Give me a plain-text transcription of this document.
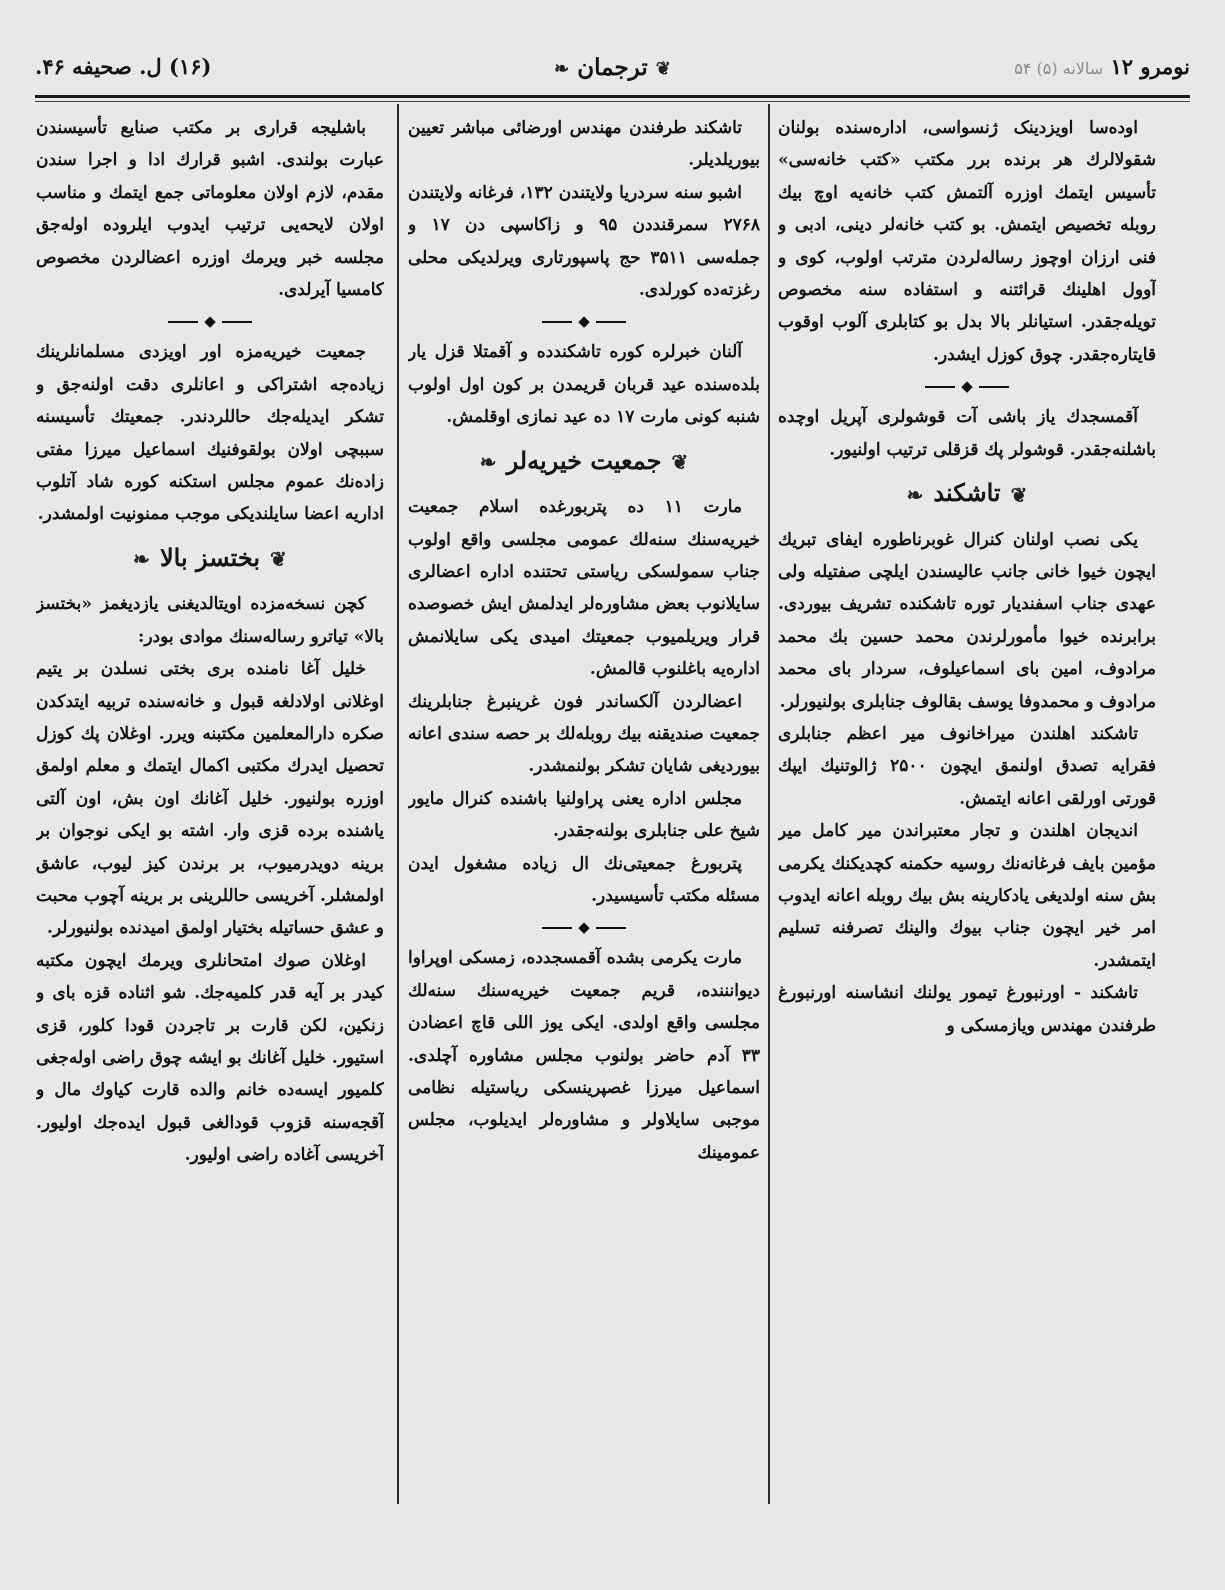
نومرو ۱۲ سالانه (۵) ۵۴
❦ ترجمان ❧
(۱۶) ل. صحیفه ۴۶.

اوده‌سا اویزدینک ژنسواسی، اداره‌سنده بولنان شقولالرك هر برنده برر مکتب «کتب خانه‌سی» تأسیس ایتمك اوزره آلتمش کتب خانه‌یه اوچ بیك روبله تخصیص ایتمش. بو کتب خانه‌لر دینی، ادبی و فنی ارزان اوچوز رساله‌لردن مترتب اولوب، کوی و آوول اهلینك قرائتنه و استفاده سنه مخصوص تویله‌جقدر. استیانلر بالا بدل بو کتابلری آلوب اوقوب قایتاره‌جقدر. چوق کوزل ایشدر.

◆

آقمسجدك یاز باشی آت قوشولری آپریل اوچده باشلنه‌جقدر. قوشولر پك قزقلی ترتیب اولنیور.

❦تاشکند❧

یکی نصب اولنان کنرال غوبرناطوره ایفای تبریك ایچون خیوا خانی جانب عالیسندن ایلچی صفتیله ولی عهدی جناب اسفندیار توره تاشکنده تشریف بیوردی. برابرنده خیوا مأمورلرندن محمد حسین بك محمد مرادوف، امین بای اسماعیلوف، سردار بای محمد مرادوف و محمدوفا یوسف بقالوف جنابلری بولنیورلر.

تاشکند اهلندن میراخانوف میر اعظم جنابلری فقرایه تصدق اولنمق ایچون ۲۵۰۰ ژالوتنیك ایپك قورتی اورلقی اعانه ایتمش.

اندیجان اهلندن و تجار معتبراندن میر کامل میر مؤمین بایف فرغانه‌نك روسیه حکمنه کچدیکنك یکرمی بش سنه اولدیغی یادکارینه بش بیك روبله اعانه ایدوب امر خیر ایچون جناب بیوك والینك تصرفنه تسلیم ایتمشدر.

تاشکند - اورنبورغ تیمور یولنك انشاسنه اورنبورغ طرفندن مهندس ویازمسکی و

تاشکند طرفندن مهندس اورضائی مباشر تعیین بیوریلدیلر.

اشبو سنه سردریا ولایتندن ۱۳۲، فرغانه ولایتندن ۲۷۶۸ سمرقنددن ۹۵ و زاکاسپی دن ۱۷ و جمله‌سی ۳۵۱۱ حج پاسپورتاری ویرلدیکی محلی رغزته‌ده کورلدی.

◆

آلنان خبرلره کوره تاشکندده و آقمتلا قزل یار بلده‌سنده عید قربان قریمدن بر کون اول اولوب شنبه کونی مارت ۱۷ ده عید نمازی اوقلمش.

❦جمعیت خیریه‌لر❧

مارت ۱۱ ده پتربورغده اسلام جمعیت خیریه‌سنك سنه‌لك عمومی مجلسی واقع اولوب جناب سمولسکی ریاستی تحتنده اداره اعضالری سایلانوب بعض مشاوره‌لر ایدلمش ایش خصوصده قرار ویریلمیوب جمعیتك امیدی یکی سایلانمش اداره‌یه باغلنوب قالمش.

اعضالردن آلکساندر فون غرینبرغ جنابلرینك جمعیت صندیقنه بیك روبله‌لك بر حصه سندی اعانه بیوردیغی شایان تشکر بولنمشدر.

مجلس اداره یعنی پراولنیا باشنده کنرال مایور شیخ علی جنابلری بولنه‌جقدر.

پتربورغ جمعیتی‌نك ال زیاده مشغول ایدن مسئله مکتب تأسیسیدر.

◆

مارت یکرمی بشده آقمسجدده، زمسکی اوپراوا دیوانننده، قریم جمعیت خیریه‌سنك سنه‌لك مجلسی واقع اولدی. ایکی یوز اللی قاچ اعضادن ۳۳ آدم حاضر بولنوب مجلس مشاوره آچلدی. اسماعیل میرزا غصپرینسکی ریاستیله نظامی موجبی سایلاولر و مشاوره‌لر ایدیلوب، مجلس عمومینك

باشلیجه قراری بر مکتب صنایع تأسیسندن عبارت بولندی. اشبو قرارك ادا و اجرا سندن مقدم، لازم اولان معلوماتی جمع ایتمك و مناسب اولان لایحه‌یی ترتیب ایدوب ایلروده اوله‌جق مجلسه خبر ویرمك اوزره اعضالردن مخصوص کامسیا آیرلدی.

◆

جمعیت خیریه‌مزه اور اویزدی مسلمانلرینك زیاده‌جه اشتراکی و اعانلری دقت اولنه‌جق و تشکر ایدیله‌جك حاللردندر. جمعیتك تأسیسنه سببچی اولان بولقوفنیك اسماعیل میرزا مفتی زاده‌نك عموم مجلس استکنه کوره شاد آتلوب اداریه اعضا سایلندیکی موجب ممنونیت اولمشدر.

❦بختسز بالا❧

کچن نسخه‌مزده اویتالدیغنی یازدیغمز «بختسز بالا» تیاترو رساله‌سنك موادی بودر:

خلیل آغا نامنده بری بختی نسلدن بر یتیم اوغلانی اولادلغه قبول و خانه‌سنده تربیه ایتدکدن صکره دارالمعلمین مکتبنه ویرر. اوغلان پك کوزل تحصیل ایدرك مکتبی اکمال ایتمك و معلم اولمق اوزره بولنیور. خلیل آغانك اون بش، اون آلتی یاشنده برده قزی وار. اشته بو ایکی نوجوان بر برینه دویدرمیوب، بر برندن کیز لیوب، عاشق اولمشلر. آخریسی حاللرینی بر برینه آچوب محبت و عشق حساتیله بختیار اولمق امیدنده بولنیورلر.

اوغلان صوك امتحانلری ویرمك ایچون مکتبه کیدر بر آیه قدر کلمیه‌جك. شو اثناده قزه بای و زنکین، لکن قارت بر تاجردن قودا کلور، قزی استیور. خلیل آغانك بو ایشه چوق راضی اوله‌جغی کلمیور ایسه‌ده خانم والده قارت کیاوك مال و آقجه‌سنه قزوب قودالغی قبول ایده‌جك اولیور. آخریسی آغاده راضی اولیور.
